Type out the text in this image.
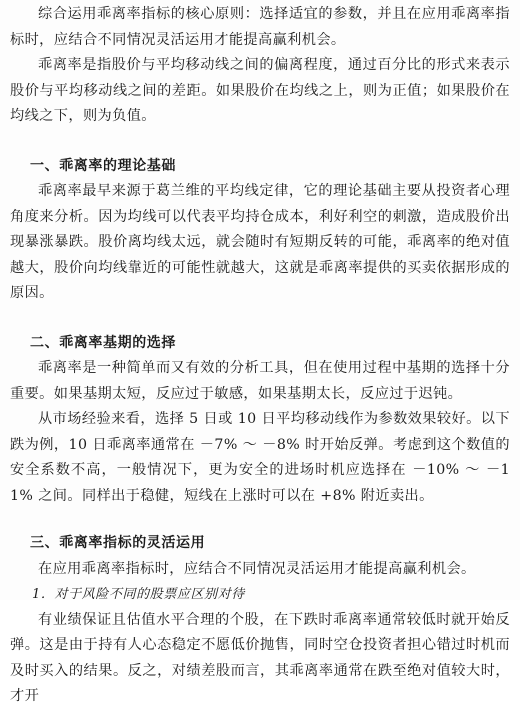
综合运用乖离率指标的核心原则：选择适宜的参数，并且在应用乖离率指标时，应结合不同情况灵活运用才能提高赢利机会。

乖离率是指股价与平均移动线之间的偏离程度，通过百分比的形式来表示股价与平均移动线之间的差距。如果股价在均线之上，则为正值；如果股价在均线之下，则为负值。

一、乖离率的理论基础

乖离率最早来源于葛兰维的平均线定律，它的理论基础主要从投资者心理角度来分析。因为均线可以代表平均持仓成本，利好利空的刺激，造成股价出现暴涨暴跌。股价离均线太远，就会随时有短期反转的可能，乖离率的绝对值越大，股价向均线靠近的可能性就越大，这就是乖离率提供的买卖依据形成的原因。

二、乖离率基期的选择

乖离率是一种简单而又有效的分析工具，但在使用过程中基期的选择十分重要。如果基期太短，反应过于敏感，如果基期太长，反应过于迟钝。

从市场经验来看，选择 5 日或 10 日平均移动线作为参数效果较好。以下跌为例，10 日乖离率通常在 －7% ～ －8% 时开始反弹。考虑到这个数值的安全系数不高，一般情况下，更为安全的进场时机应选择在 －10% ～ －11% 之间。同样出于稳健，短线在上涨时可以在 +8% 附近卖出。

三、乖离率指标的灵活运用

在应用乖离率指标时，应结合不同情况灵活运用才能提高赢利机会。

1．对于风险不同的股票应区别对待

有业绩保证且估值水平合理的个股，在下跌时乖离率通常较低时就开始反弹。这是由于持有人心态稳定不愿低价抛售，同时空仓投资者担心错过时机而及时买入的结果。反之，对绩差股而言，其乖离率通常在跌至绝对值较大时，才开
